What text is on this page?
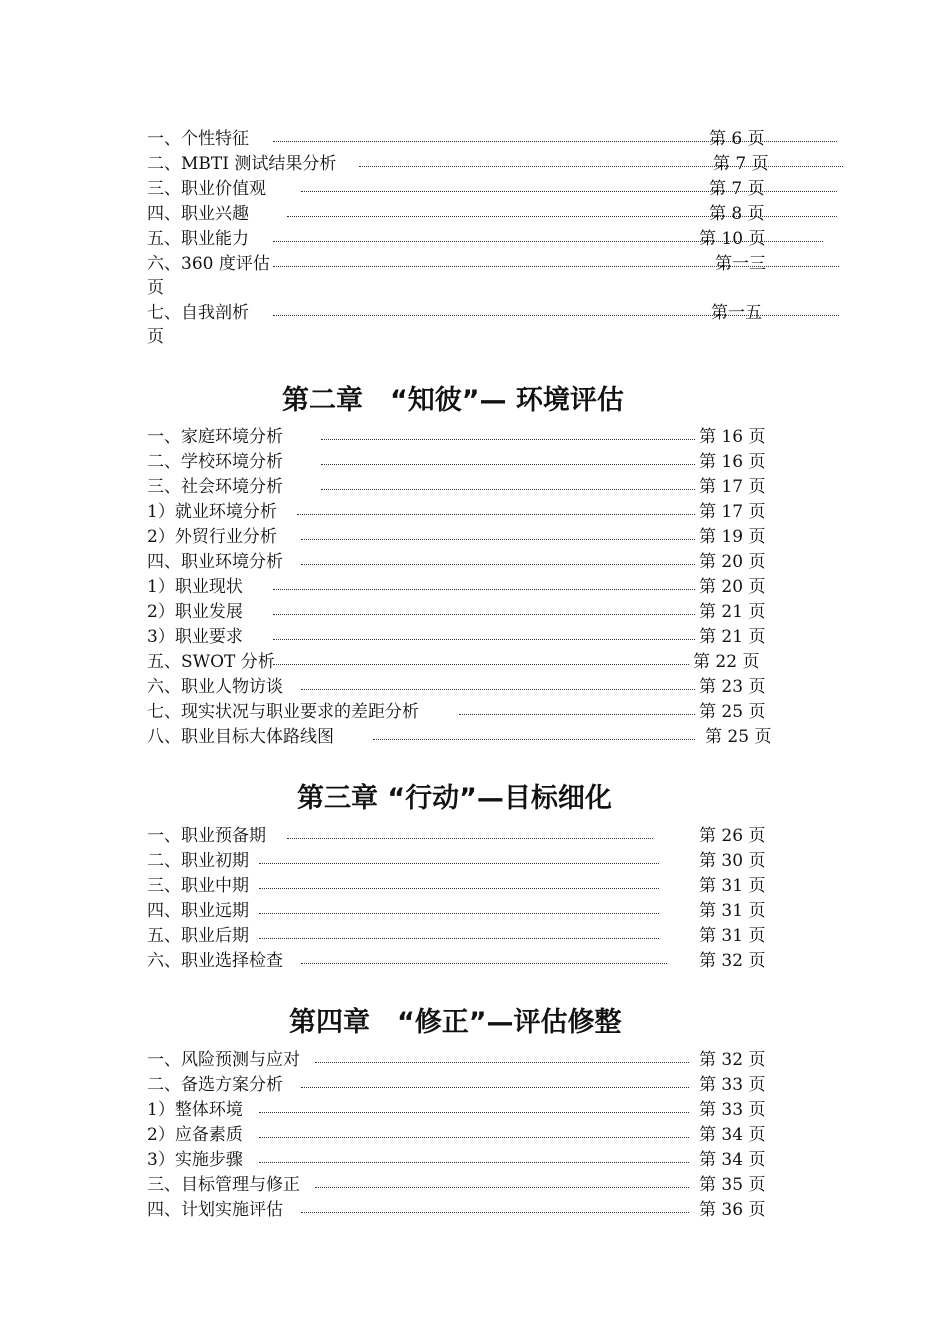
一、个性特征	第 6 页
二、MBTI 测试结果分析	第 7 页
三、职业价值观	第 7 页
四、职业兴趣	第 8 页
五、职业能力	第 10 页
六、360 度评估	第一三
页
七、自我剖析	第一五
页
第二章　“知彼”— 环境评估
一、家庭环境分析	第 16 页
二、学校环境分析	第 16 页
三、社会环境分析	第 17 页
1）就业环境分析	第 17 页
2）外贸行业分析	第 19 页
四、职业环境分析	第 20 页
1）职业现状	第 20 页
2）职业发展	第 21 页
3）职业要求	第 21 页
五、SWOT 分析	第 22 页
六、职业人物访谈	第 23 页
七、现实状况与职业要求的差距分析	第 25 页
八、职业目标大体路线图	第 25 页
第三章 “行动”—目标细化
一、职业预备期	第 26 页
二、职业初期	第 30 页
三、职业中期	第 31 页
四、职业远期	第 31 页
五、职业后期	第 31 页
六、职业选择检查	第 32 页
第四章　“修正”—评估修整
一、风险预测与应对	第 32 页
二、备选方案分析	第 33 页
1）整体环境	第 33 页
2）应备素质	第 34 页
3）实施步骤	第 34 页
三、目标管理与修正	第 35 页
四、计划实施评估	第 36 页
